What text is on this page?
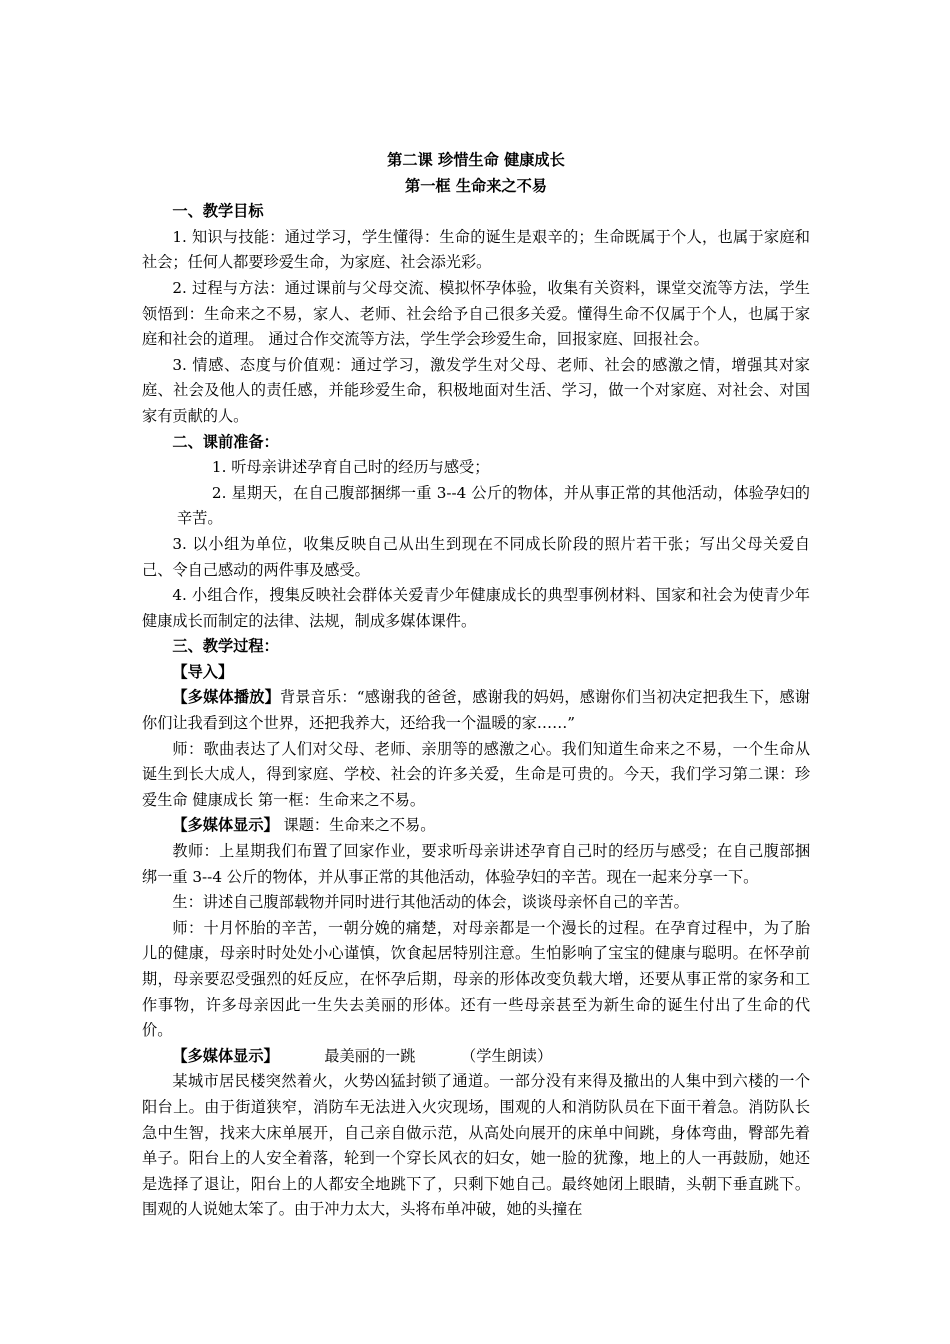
第二课 珍惜生命 健康成长
第一框 生命来之不易
一、教学目标

1. 知识与技能：通过学习，学生懂得：生命的诞生是艰辛的；生命既属于个人，也属于家庭和社会；任何人都要珍爱生命，为家庭、社会添光彩。

2. 过程与方法：通过课前与父母交流、模拟怀孕体验，收集有关资料，课堂交流等方法，学生领悟到：生命来之不易，家人、老师、社会给予自己很多关爱。懂得生命不仅属于个人，也属于家庭和社会的道理。 通过合作交流等方法，学生学会珍爱生命，回报家庭、回报社会。

3. 情感、态度与价值观：通过学习，激发学生对父母、老师、社会的感激之情，增强其对家庭、社会及他人的责任感，并能珍爱生命，积极地面对生活、学习，做一个对家庭、对社会、对国家有贡献的人。

二、课前准备：

1. 听母亲讲述孕育自己时的经历与感受；

2. 星期天，在自己腹部捆绑一重 3--4 公斤的物体，并从事正常的其他活动，体验孕妇的辛苦。

3. 以小组为单位，收集反映自己从出生到现在不同成长阶段的照片若干张；写出父母关爱自己、令自己感动的两件事及感受。

4. 小组合作，搜集反映社会群体关爱青少年健康成长的典型事例材料、国家和社会为使青少年健康成长而制定的法律、法规，制成多媒体课件。

三、教学过程：
【导入】

【多媒体播放】背景音乐：“感谢我的爸爸，感谢我的妈妈，感谢你们当初决定把我生下，感谢你们让我看到这个世界，还把我养大，还给我一个温暖的家……”

师：歌曲表达了人们对父母、老师、亲朋等的感激之心。我们知道生命来之不易，一个生命从诞生到长大成人，得到家庭、学校、社会的许多关爱，生命是可贵的。今天，我们学习第二课：珍爱生命 健康成长 第一框：生命来之不易。

【多媒体显示】 课题：生命来之不易。

教师：上星期我们布置了回家作业，要求听母亲讲述孕育自己时的经历与感受；在自己腹部捆绑一重 3--4 公斤的物体，并从事正常的其他活动，体验孕妇的辛苦。现在一起来分享一下。

生：讲述自己腹部载物并同时进行其他活动的体会，谈谈母亲怀自己的辛苦。

师：十月怀胎的辛苦，一朝分娩的痛楚，对母亲都是一个漫长的过程。在孕育过程中，为了胎儿的健康，母亲时时处处小心谨慎，饮食起居特别注意。生怕影响了宝宝的健康与聪明。在怀孕前期，母亲要忍受强烈的妊反应，在怀孕后期，母亲的形体改变负载大增，还要从事正常的家务和工作事物，许多母亲因此一生失去美丽的形体。还有一些母亲甚至为新生命的诞生付出了生命的代价。

【多媒体显示】	最美丽的一跳	（学生朗读）

某城市居民楼突然着火，火势凶猛封锁了通道。一部分没有来得及撤出的人集中到六楼的一个阳台上。由于街道狭窄，消防车无法进入火灾现场，围观的人和消防队员在下面干着急。消防队长急中生智，找来大床单展开，自己亲自做示范，从高处向展开的床单中间跳，身体弯曲，臀部先着单子。阳台上的人安全着落，轮到一个穿长风衣的妇女，她一脸的犹豫，地上的人一再鼓励，她还是选择了退让，阳台上的人都安全地跳下了，只剩下她自己。最终她闭上眼睛，头朝下垂直跳下。围观的人说她太笨了。由于冲力太大，头将布单冲破，她的头撞在
